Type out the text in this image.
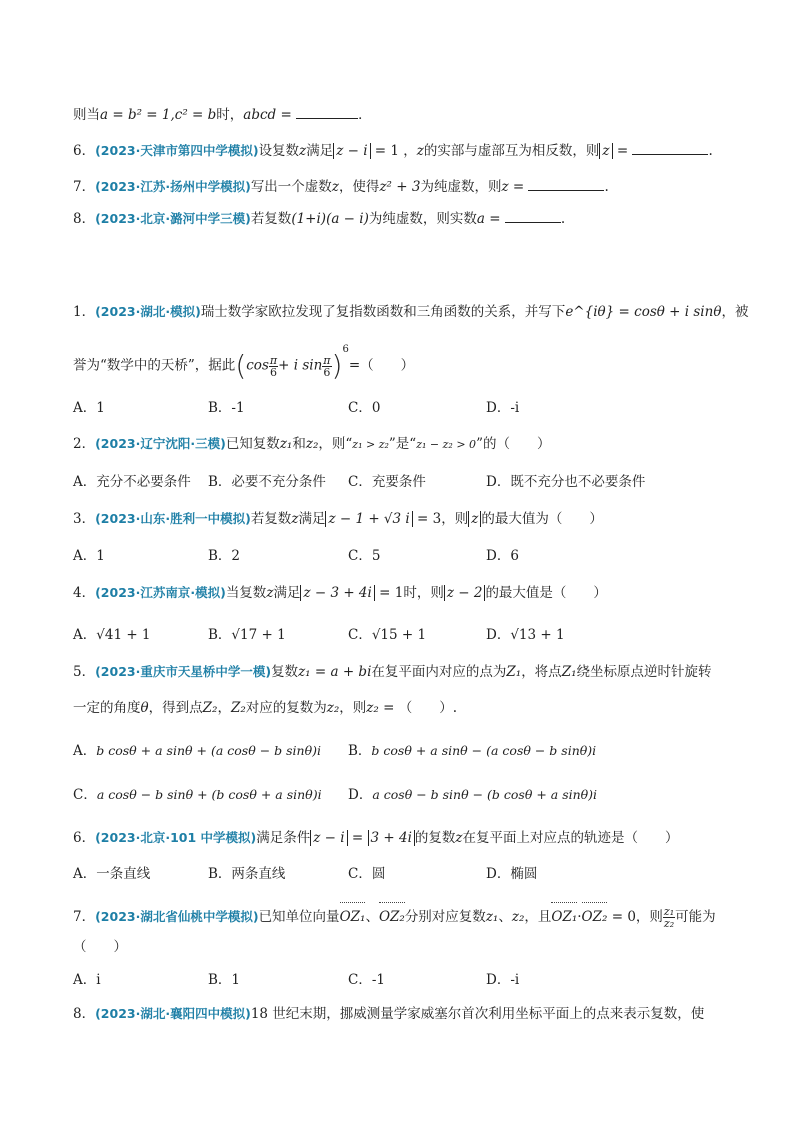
则当a = b² = 1,c² = b时，abcd =	．
6．(2023·天津市第四中学模拟)设复数z满足 z − i = 1 ，z的实部与虚部互为相反数，则 z =	.
7．(2023·江苏·扬州中学模拟)写出一个虚数z，使得z² + 3为纯虚数，则z =	.
8．(2023·北京·潞河中学三模)若复数(1+i)(a − i)为纯虚数，则实数a =	.
1．(2023·湖北·模拟)瑞士数学家欧拉发现了复指数函数和三角函数的关系，并写下e^{iθ} = cosθ + i sinθ，被
誉为“数学中的天桥”，据此($\cos \frac{\pi}{6} + i$ $\sin \frac{\pi}{6} )^6=$（　　）
A．1	B．-1	C．0	D．-i
2．(2023·辽宁沈阳·三模)已知复数z₁和z₂，则“z₁ > z₂”是“z₁ − z₂ > 0”的（　　）
A．充分不必要条件 B．必要不充分条件 C．充要条件	D．既不充分也不必要条件
3．(2023·山东·胜利一中模拟)若复数z满足 z − 1 + √3 i = 3，则 z 的最大值为（　　）
A．1	B．2	C．5	D．6
4．(2023·江苏南京·模拟)当复数z满足 z − 3 + 4i = 1时，则 z − 2 的最大值是（　　）
A．√41 + 1	B．√17 + 1	C．√15 + 1	D．√13 + 1
5．(2023·重庆市天星桥中学一模)复数z₁ = a + bi在复平面内对应的点为Z₁，将点Z₁绕坐标原点逆时针旋转
一定的角度θ，得到点Z₂，Z₂对应的复数为z₂，则z₂ = （　　）.
A．b cosθ + a sinθ + (a cosθ − b sinθ)i B．b cosθ + a sinθ − (a cosθ − b sinθ)i
C．a cosθ − b sinθ + (b cosθ + a sinθ)i D．a cosθ − b sinθ − (b cosθ + a sinθ)i
6．(2023·北京·101 中学模拟)满足条件 z − i = 3 + 4i 的复数z在复平面上对应点的轨迹是（　　）
A．一条直线	B．两条直线	C．圆	D．椭圆
7．(2023·湖北省仙桃中学模拟)已知单位向量OZ₁、OZ₂分别对应复数z₁、z₂，且OZ₁·OZ₂ = 0，则 $\frac{\text{z₁}}{\text{z₂}}$ 可能为
（　　）
A．i	B．1	C．-1	D．-i
8．(2023·湖北·襄阳四中模拟)18 世纪末期，挪威测量学家威塞尔首次利用坐标平面上的点来表示复数，使
